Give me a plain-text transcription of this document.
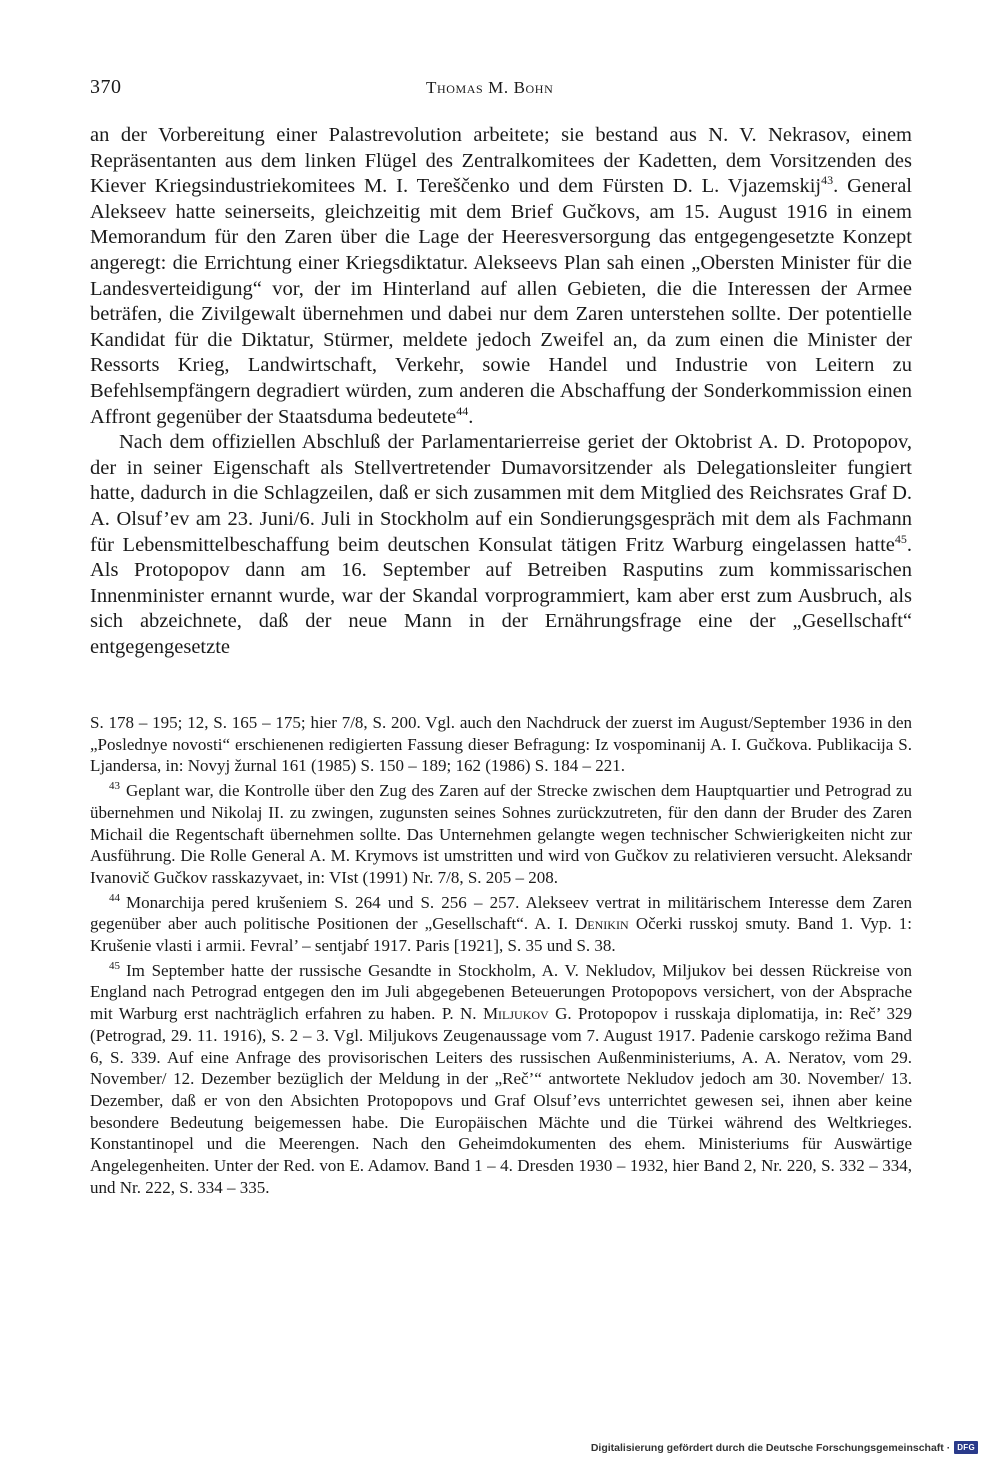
370	Thomas M. Bohn

an der Vorbereitung einer Palastrevolution arbeitete; sie bestand aus N. V. Nekrasov, einem Repräsentanten aus dem linken Flügel des Zentralkomitees der Kadetten, dem Vorsitzenden des Kiever Kriegsindustriekomitees M. I. Tereščenko und dem Fürsten D. L. Vjazemskij$^{43}$. General Alekseev hatte seinerseits, gleichzeitig mit dem Brief Gučkovs, am 15. August 1916 in einem Memorandum für den Zaren über die Lage der Heeresversorgung das entgegengesetzte Konzept angeregt: die Errichtung einer Kriegsdiktatur. Alekseevs Plan sah einen „Obersten Minister für die Landesverteidigung“ vor, der im Hinterland auf allen Gebieten, die die Interessen der Armee beträfen, die Zivilgewalt übernehmen und dabei nur dem Zaren unterstehen sollte. Der potentielle Kandidat für die Diktatur, Stürmer, meldete jedoch Zweifel an, da zum einen die Minister der Ressorts Krieg, Landwirtschaft, Verkehr, sowie Handel und Industrie von Leitern zu Befehlsempfängern degradiert würden, zum anderen die Abschaffung der Sonderkommission einen Affront gegenüber der Staatsduma bedeutete$^{44}$.

Nach dem offiziellen Abschluß der Parlamentarierreise geriet der Oktobrist A. D. Protopopov, der in seiner Eigenschaft als Stellvertretender Dumavorsitzender als Delegationsleiter fungiert hatte, dadurch in die Schlagzeilen, daß er sich zusammen mit dem Mitglied des Reichsrates Graf D. A. Olsuf’ev am 23. Juni/6. Juli in Stockholm auf ein Sondierungsgespräch mit dem als Fachmann für Lebensmittelbeschaffung beim deutschen Konsulat tätigen Fritz Warburg eingelassen hatte$^{45}$. Als Protopopov dann am 16. September auf Betreiben Rasputins zum kommissarischen Innenminister ernannt wurde, war der Skandal vorprogrammiert, kam aber erst zum Ausbruch, als sich abzeichnete, daß der neue Mann in der Ernährungsfrage eine der „Gesellschaft“ entgegengesetzte

S. 178 – 195; 12, S. 165 – 175; hier 7/8, S. 200. Vgl. auch den Nachdruck der zuerst im August/September 1936 in den „Poslednye novosti“ erschienenen redigierten Fassung dieser Befragung: Iz vospominanij A. I. Gučkova. Publikacija S. Ljandersa, in: Novyj žurnal 161 (1985) S. 150 – 189; 162 (1986) S. 184 – 221.

$^{43}$ Geplant war, die Kontrolle über den Zug des Zaren auf der Strecke zwischen dem Hauptquartier und Petrograd zu übernehmen und Nikolaj II. zu zwingen, zugunsten seines Sohnes zurückzutreten, für den dann der Bruder des Zaren Michail die Regentschaft übernehmen sollte. Das Unternehmen gelangte wegen technischer Schwierigkeiten nicht zur Ausführung. Die Rolle General A. M. Krymovs ist umstritten und wird von Gučkov zu relativieren versucht. Aleksandr Ivanovič Gučkov rasskazyvaet, in: VIst (1991) Nr. 7/8, S. 205 – 208.

$^{44}$ Monarchija pered krušeniem S. 264 und S. 256 – 257. Alekseev vertrat in militärischem Interesse dem Zaren gegenüber aber auch politische Positionen der „Gesellschaft“. A. I. Denikin Očerki russkoj smuty. Band 1. Vyp. 1: Krušenie vlasti i armii. Fevral’ – sentjabŕ 1917. Paris [1921], S. 35 und S. 38.

$^{45}$ Im September hatte der russische Gesandte in Stockholm, A. V. Nekludov, Miljukov bei dessen Rückreise von England nach Petrograd entgegen den im Juli abgegebenen Beteuerungen Protopopovs versichert, von der Absprache mit Warburg erst nachträglich erfahren zu haben. P. N. Miljukov G. Protopopov i russkaja diplomatija, in: Reč’ 329 (Petrograd, 29. 11. 1916), S. 2 – 3. Vgl. Miljukovs Zeugenaussage vom 7. August 1917. Padenie carskogo režima Band 6, S. 339. Auf eine Anfrage des provisorischen Leiters des russischen Außenministeriums, A. A. Neratov, vom 29. November/ 12. Dezember bezüglich der Meldung in der „Reč’“ antwortete Nekludov jedoch am 30. November/ 13. Dezember, daß er von den Absichten Protopopovs und Graf Olsuf’evs unterrichtet gewesen sei, ihnen aber keine besondere Bedeutung beigemessen habe. Die Europäischen Mächte und die Türkei während des Weltkrieges. Konstantinopel und die Meerengen. Nach den Geheimdokumenten des ehem. Ministeriums für Auswärtige Angelegenheiten. Unter der Red. von E. Adamov. Band 1 – 4. Dresden 1930 – 1932, hier Band 2, Nr. 220, S. 332 – 334, und Nr. 222, S. 334 – 335.

Digitalisierung gefördert durch die Deutsche Forschungsgemeinschaft · DFG
